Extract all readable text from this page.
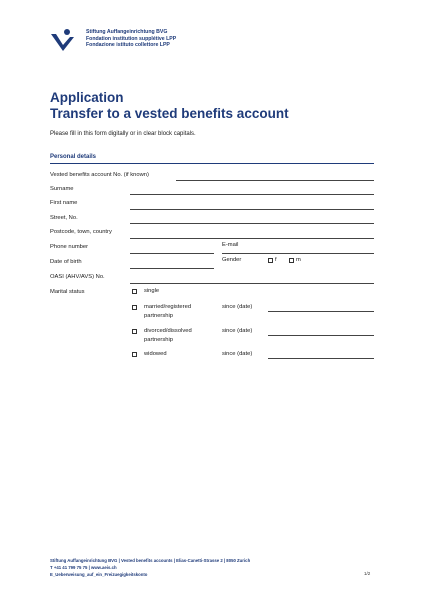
Stiftung Auffangeinrichtung BVG
Fondation institution supplétive LPP
Fondazione istituto collettore LPP
Application
Transfer to a vested benefits account
Please fill in this form digitally or in clear block capitals.
Personal details
Vested benefits account No. (if known)
Surname
First name
Street, No.
Postcode, town, country
Phone number	E-mail
Date of birth	Gender	f	m
OASI (AHV/AVS) No.
Marital status	single
married/registered
partnership
since (date)
divorced/dissolved
partnership
since (date)
widowed	since (date)
Stiftung Auffangeinrichtung BVG | Vested benefits accounts | Elias-Canetti-Strasse 2 | 8050 Zurich
T +41 41 799 75 75 | www.aeis.ch
E_Ueberweisung_auf_ein_Freizuegigkeitskonto	1/2
